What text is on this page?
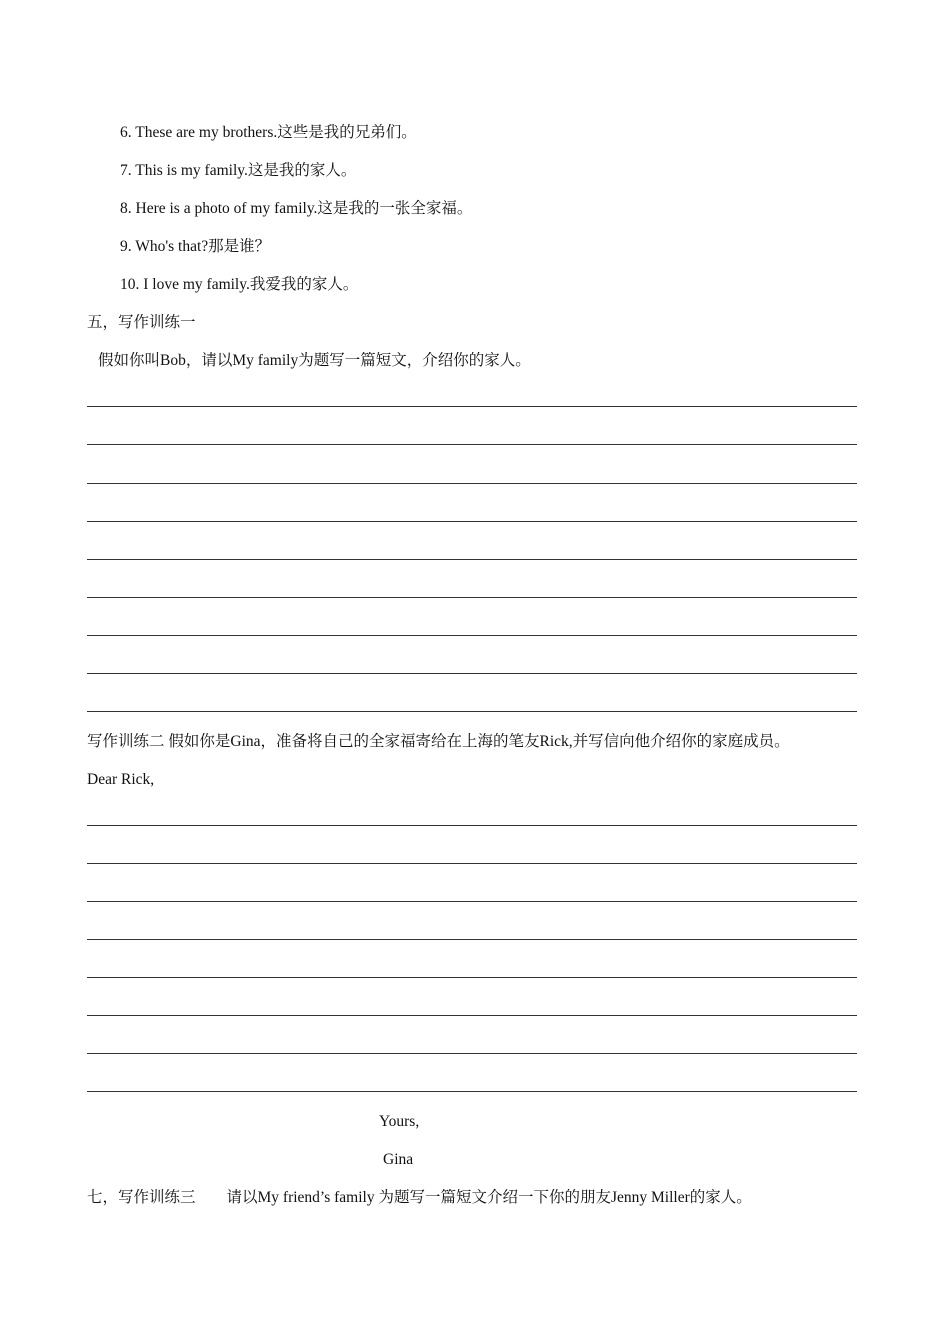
6. These are my brothers.这些是我的兄弟们。
7. This is my family.这是我的家人。
8. Here is a photo of my family.这是我的一张全家福。
9. Who's that?那是谁？
10. I love my family.我爱我的家人。
五，写作训练一
假如你叫Bob，请以My family为题写一篇短文，介绍你的家人。
写作训练二 假如你是Gina，准备将自己的全家福寄给在上海的笔友Rick,并写信向他介绍你的家庭成员。
Dear Rick,
Yours,
Gina
七，写作训练三　　请以My friend’s family 为题写一篇短文介绍一下你的朋友Jenny Miller的家人。
